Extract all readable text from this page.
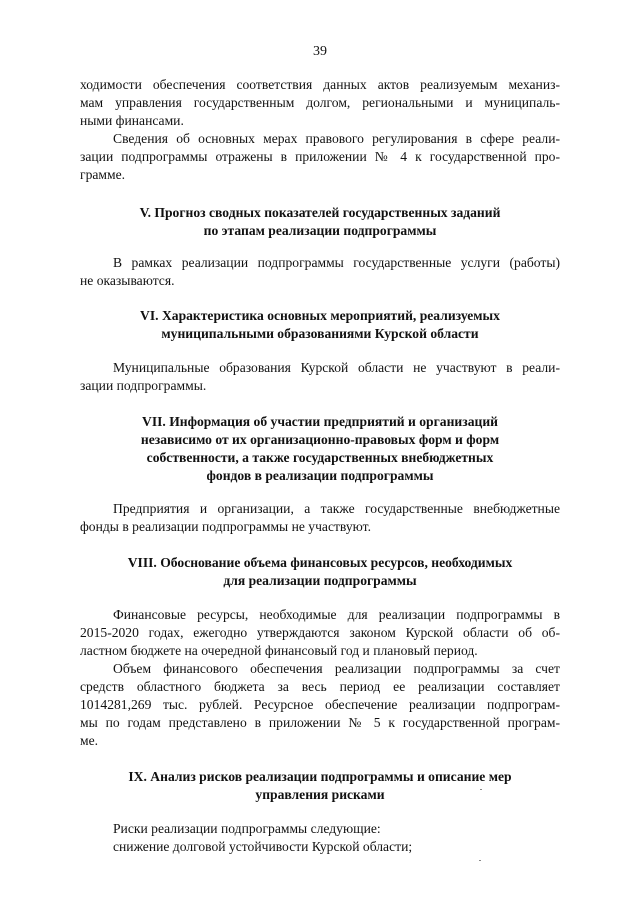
39
ходимости обеспечения соответствия данных актов реализуемым механиз-
мам управления государственным долгом, региональными и муниципаль-
ными финансами.
Сведения об основных мерах правового регулирования в сфере реали-
зации подпрограммы отражены в приложении № 4 к государственной про-
грамме.
V. Прогноз сводных показателей государственных заданий
по этапам реализации подпрограммы
В рамках реализации подпрограммы государственные услуги (работы)
не оказываются.
VI. Характеристика основных мероприятий, реализуемых
муниципальными образованиями Курской области
Муниципальные образования Курской области не участвуют в реали-
зации подпрограммы.
VII. Информация об участии предприятий и организаций
независимо от их организационно-правовых форм и форм
собственности, а также государственных внебюджетных
фондов в реализации подпрограммы
Предприятия и организации, а также государственные внебюджетные
фонды в реализации подпрограммы не участвуют.
VIII. Обоснование объема финансовых ресурсов, необходимых
для реализации подпрограммы
Финансовые ресурсы, необходимые для реализации подпрограммы в
2015-2020 годах, ежегодно утверждаются законом Курской области об об-
ластном бюджете на очередной финансовый год и плановый период.
Объем финансового обеспечения реализации подпрограммы за счет
средств областного бюджета за весь период ее реализации составляет
1014281,269 тыс. рублей. Ресурсное обеспечение реализации подпрограм-
мы по годам представлено в приложении № 5 к государственной програм-
ме.
IX. Анализ рисков реализации подпрограммы и описание мер
управления рисками
Риски реализации подпрограммы следующие:
снижение долговой устойчивости Курской области;
